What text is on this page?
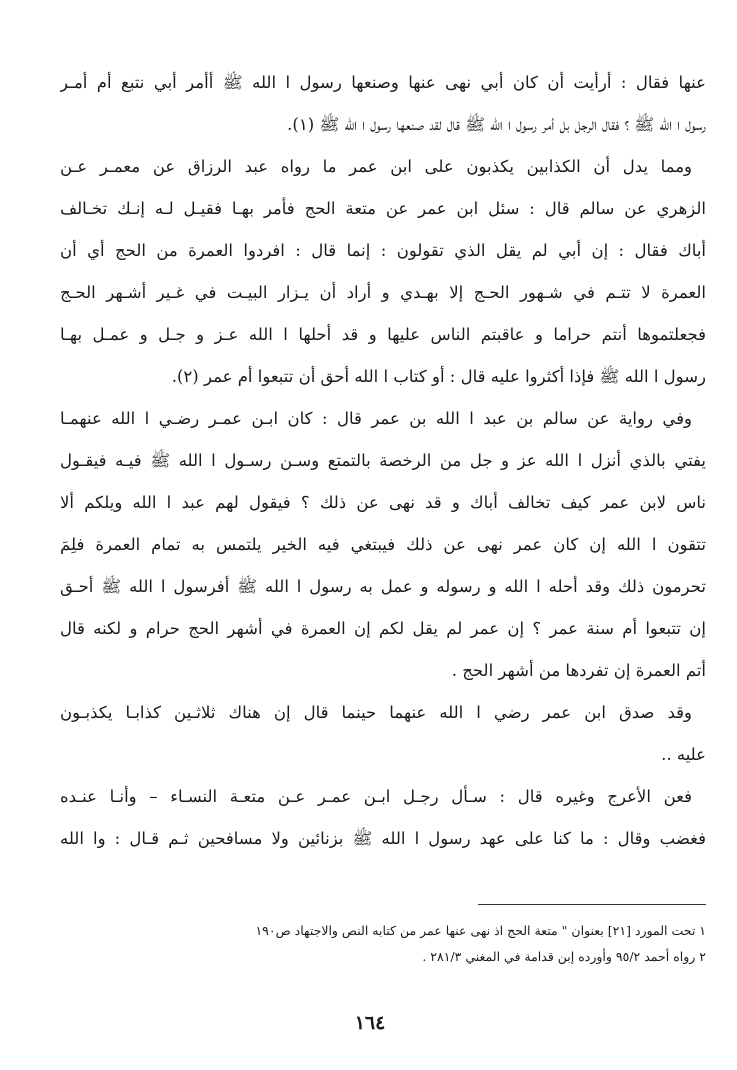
عنها فقال : أرأيت أن كان أبي نهى عنها وصنعها رسول ا الله ﷺ أأمر أبي نتبع أم أمـر
رسول ا الله ﷺ ؟ فقال الرجل بل أمر رسول ا الله ﷺ قال لقد صنعها رسول ا الله ﷺ (١).
ومما يدل أن الكذابين يكذبون على ابن عمر ما رواه عبد الرزاق عن معمـر عـن
الزهري عن سالم قال : سئل ابن عمر عن متعة الحج فأمر بهـا فقيـل لـه إنـك تخـالف
أباك فقال : إن أبي لم يقل الذي تقولون : إنما قال : افردوا العمرة من الحج أي أن
العمرة لا تتـم في شـهور الحـج إلا بهـدي و أراد أن يـزار البيـت في غـير أشـهر الحـج
فجعلتموها أنتم حراما و عاقبتم الناس عليها و قد أحلها ا الله عـز و جـل و عمـل بهـا
رسول ا الله ﷺ فإذا أكثروا عليه قال : أو كتاب ا الله أحق أن تتبعوا أم عمر (٢).
وفي رواية عن سالم بن عبد ا الله بن عمر قال : كان ابـن عمـر رضـي ا الله عنهمـا
يفتي بالذي أنزل ا الله عز و جل من الرخصة بالتمتع وسـن رسـول ا الله ﷺ فيـه فيقـول
ناس لابن عمر كيف تخالف أباك و قد نهى عن ذلك ؟ فيقول لهم عبد ا الله ويلكم ألا
تتقون ا الله إن كان عمر نهى عن ذلك فيبتغي فيه الخير يلتمس به تمام العمرة فلِمَ
تحرمون ذلك وقد أحله ا الله و رسوله و عمل به رسول ا الله ﷺ أفرسول ا الله ﷺ أحـق
إن تتبعوا أم سنة عمر ؟ إن عمر لم يقل لكم إن العمرة في أشهر الحج حرام و لكنه قال
أتم العمرة إن تفردها من أشهر الحج .
وقد صدق ابن عمر رضي ا الله عنهما حينما قال إن هناك ثلاثـين كذابـا يكذبـون
عليه ..
فعن الأعرج وغيره قال : سـأل رجـل ابـن عمـر عـن متعـة النسـاء – وأنـا عنـده
فغضب وقال : ما كنا على عهد رسول ا الله ﷺ بزنائين ولا مسافحين ثـم قـال : وا الله
١ تحت المورد [٢١] بعنوان " متعة الحج اذ نهى عنها عمر من كتابه النص والاجتهاد ص١٩٠
٢ رواه أحمد ٩٥/٢ وأورده إبن قدامة في المغني ٢٨١/٣ .
١٦٤
